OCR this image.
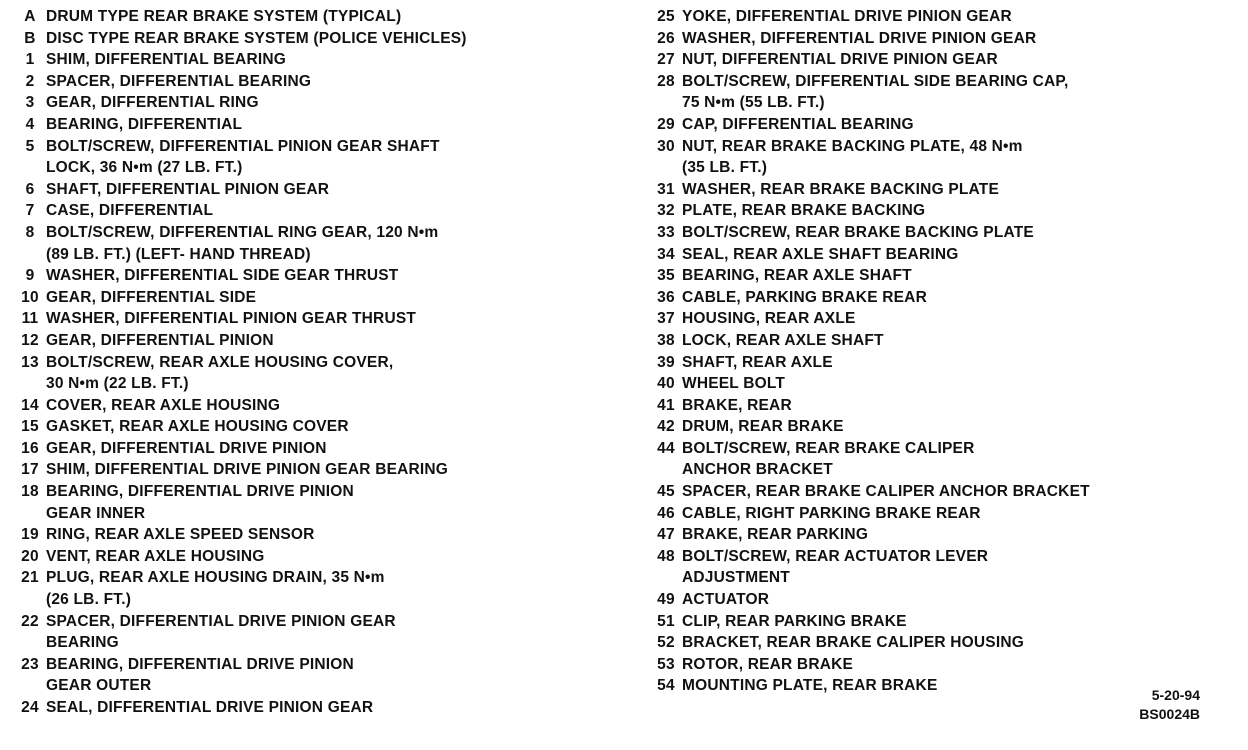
A DRUM TYPE REAR BRAKE SYSTEM (TYPICAL)
B DISC TYPE REAR BRAKE SYSTEM (POLICE VEHICLES)
1 SHIM, DIFFERENTIAL BEARING
2 SPACER, DIFFERENTIAL BEARING
3 GEAR, DIFFERENTIAL RING
4 BEARING, DIFFERENTIAL
5 BOLT/SCREW, DIFFERENTIAL PINION GEAR SHAFT
LOCK, 36 N•m (27 LB. FT.)
6 SHAFT, DIFFERENTIAL PINION GEAR
7 CASE, DIFFERENTIAL
8 BOLT/SCREW, DIFFERENTIAL RING GEAR, 120 N•m
(89 LB. FT.) (LEFT- HAND THREAD)
9 WASHER, DIFFERENTIAL SIDE GEAR THRUST
10 GEAR, DIFFERENTIAL SIDE
11 WASHER, DIFFERENTIAL PINION GEAR THRUST
12 GEAR, DIFFERENTIAL PINION
13 BOLT/SCREW, REAR AXLE HOUSING COVER,
30 N•m (22 LB. FT.)
14 COVER, REAR AXLE HOUSING
15 GASKET, REAR AXLE HOUSING COVER
16 GEAR, DIFFERENTIAL DRIVE PINION
17 SHIM, DIFFERENTIAL DRIVE PINION GEAR BEARING
18 BEARING, DIFFERENTIAL DRIVE PINION
GEAR INNER
19 RING, REAR AXLE SPEED SENSOR
20 VENT, REAR AXLE HOUSING
21 PLUG, REAR AXLE HOUSING DRAIN, 35 N•m
(26 LB. FT.)
22 SPACER, DIFFERENTIAL DRIVE PINION GEAR
BEARING
23 BEARING, DIFFERENTIAL DRIVE PINION
GEAR OUTER
24 SEAL, DIFFERENTIAL DRIVE PINION GEAR
25 YOKE, DIFFERENTIAL DRIVE PINION GEAR
26 WASHER, DIFFERENTIAL DRIVE PINION GEAR
27 NUT, DIFFERENTIAL DRIVE PINION GEAR
28 BOLT/SCREW, DIFFERENTIAL SIDE BEARING CAP,
75 N•m (55 LB. FT.)
29 CAP, DIFFERENTIAL BEARING
30 NUT, REAR BRAKE BACKING PLATE, 48 N•m
(35 LB. FT.)
31 WASHER, REAR BRAKE BACKING PLATE
32 PLATE, REAR BRAKE BACKING
33 BOLT/SCREW, REAR BRAKE BACKING PLATE
34 SEAL, REAR AXLE SHAFT BEARING
35 BEARING, REAR AXLE SHAFT
36 CABLE, PARKING BRAKE REAR
37 HOUSING, REAR AXLE
38 LOCK, REAR AXLE SHAFT
39 SHAFT, REAR AXLE
40 WHEEL BOLT
41 BRAKE, REAR
42 DRUM, REAR BRAKE
44 BOLT/SCREW, REAR BRAKE CALIPER
ANCHOR BRACKET
45 SPACER, REAR BRAKE CALIPER ANCHOR BRACKET
46 CABLE, RIGHT PARKING BRAKE REAR
47 BRAKE, REAR PARKING
48 BOLT/SCREW, REAR ACTUATOR LEVER
ADJUSTMENT
49 ACTUATOR
51 CLIP, REAR PARKING BRAKE
52 BRACKET, REAR BRAKE CALIPER HOUSING
53 ROTOR, REAR BRAKE
54 MOUNTING PLATE, REAR BRAKE
5-20-94
BS0024B
